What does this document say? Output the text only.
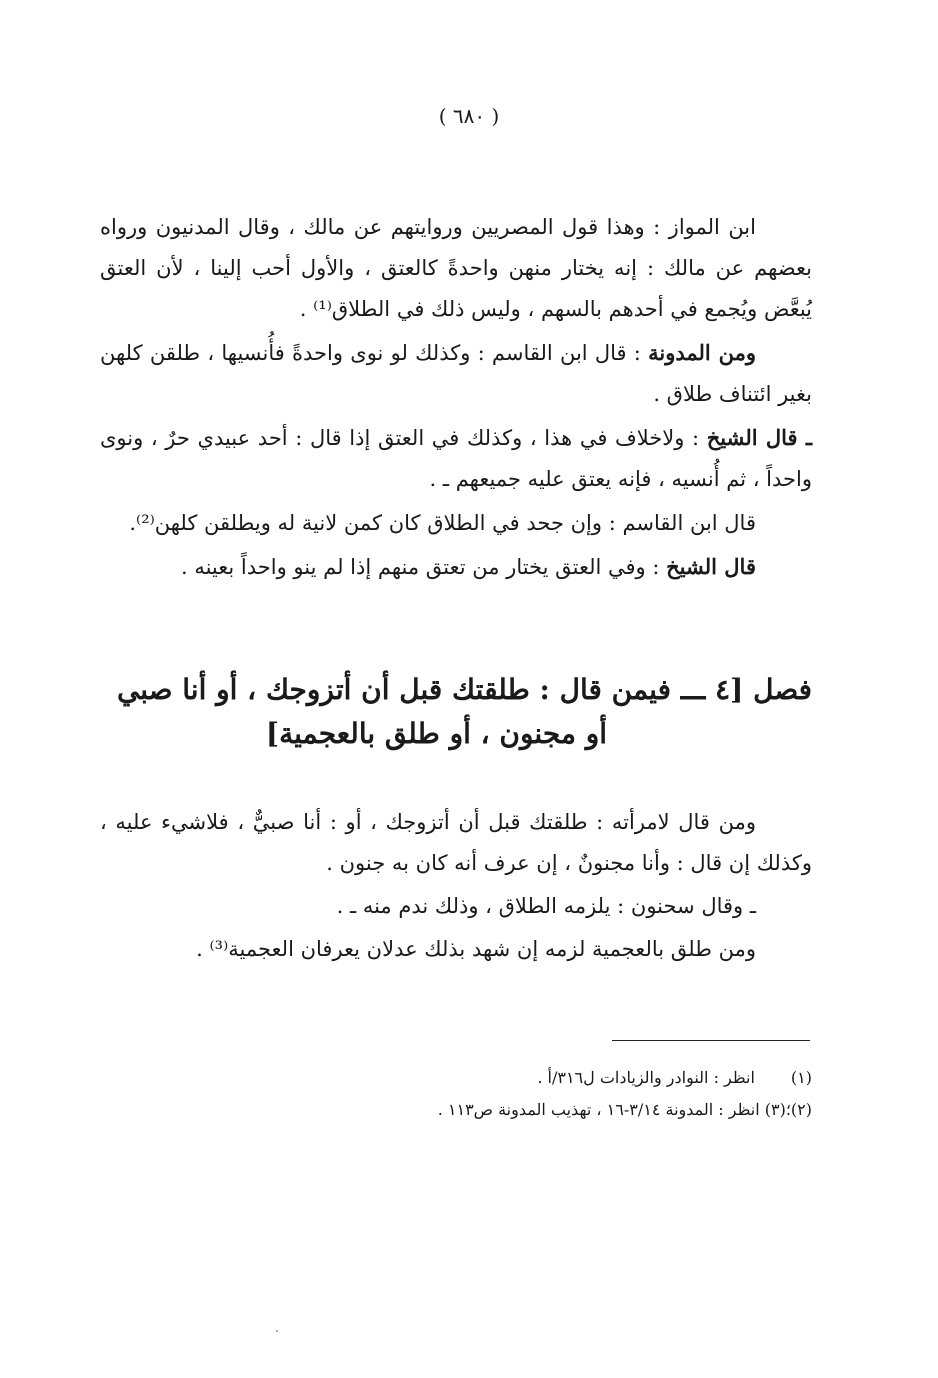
( ٦٨٠ )

ابن المواز : وهذا قول المصريين وروايتهم عن مالك ، وقال المدنيون ورواه بعضهم عن مالك : إنه يختار منهن واحدةً كالعتق ، والأول أحب إلينا ، لأن العتق يُبعَّض ويُجمع في أحدهم بالسهم ، وليس ذلك في الطلاق⁽¹⁾ .

ومن المدونة : قال ابن القاسم : وكذلك لو نوى واحدةً فأُنسيها ، طلقن كلهن بغير ائتناف طلاق .

ـ قال الشيخ : ولاخلاف في هذا ، وكذلك في العتق إذا قال : أحد عبيدي حرٌ ، ونوى واحداً ، ثم أُنسيه ، فإنه يعتق عليه جميعهم ـ .

قال ابن القاسم : وإن جحد في الطلاق كان كمن لانية له ويطلقن كلهن⁽²⁾.

قال الشيخ : وفي العتق يختار من تعتق منهم إذا لم ينو واحداً بعينه .

فصل [٤ ـــ فيمن قال : طلقتك قبل أن أتزوجك ، أو أنا صبي
أو مجنون ، أو طلق بالعجمية]

ومن قال لامرأته : طلقتك قبل أن أتزوجك ، أو : أنا صبيٌّ ، فلاشيء عليه ، وكذلك إن قال : وأنا مجنونٌ ، إن عرف أنه كان به جنون .

ـ وقال سحنون : يلزمه الطلاق ، وذلك ندم منه ـ .

ومن طلق بالعجمية لزمه إن شهد بذلك عدلان يعرفان العجمية⁽³⁾ .

(١) انظر : النوادر والزيادات ل٣١٦/أ .
(٢)؛(٣) انظر : المدونة ٣/١٤-١٦ ، تهذيب المدونة ص١١٣ .
